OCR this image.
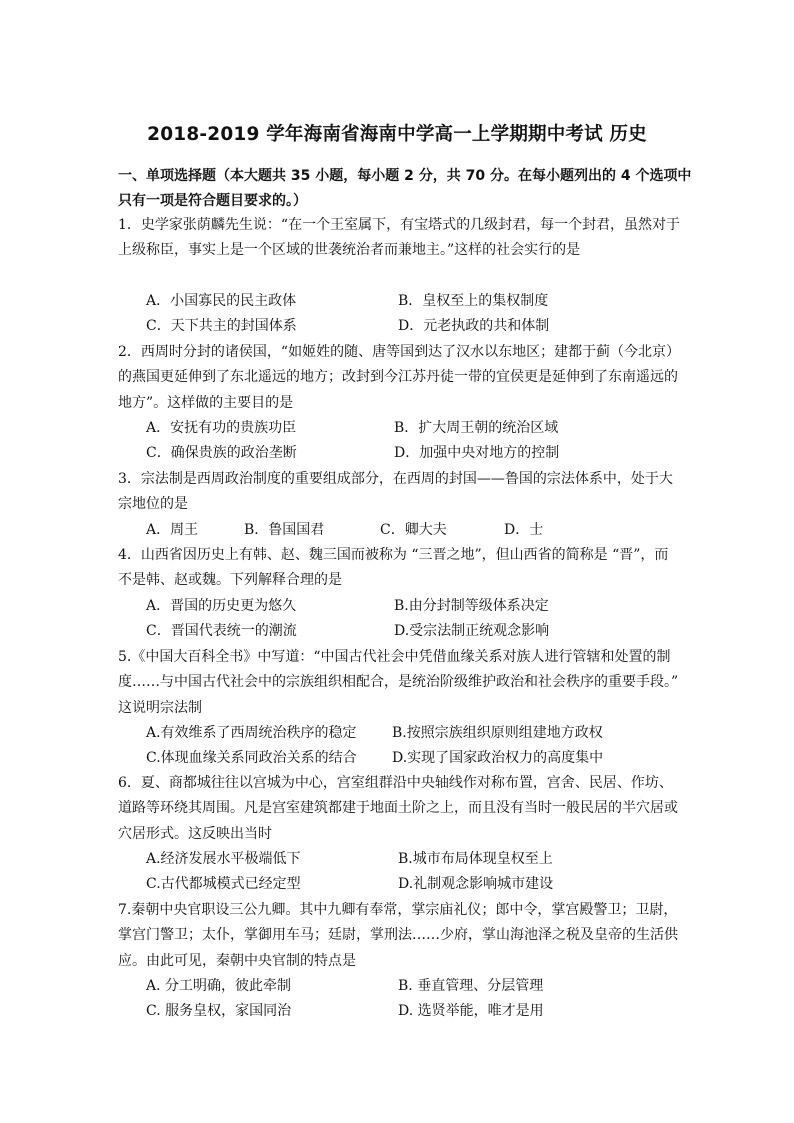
2018-2019 学年海南省海南中学高一上学期期中考试 历史
一、单项选择题（本大题共 35 小题，每小题 2 分，共 70 分。在每小题列出的 4 个选项中
只有一项是符合题目要求的。）
1．史学家张荫麟先生说：“在一个王室属下，有宝塔式的几级封君，每一个封君，虽然对于
上级称臣，事实上是一个区域的世袭统治者而兼地主。”这样的社会实行的是
A．小国寡民的民主政体	B．皇权至上的集权制度
C．天下共主的封国体系	D．元老执政的共和体制
2．西周时分封的诸侯国，“如姬姓的随、唐等国到达了汉水以东地区；建都于蓟（今北京）
的燕国更延伸到了东北遥远的地方；改封到今江苏丹徒一带的宜侯更是延伸到了东南遥远的
地方”。这样做的主要目的是
A．安抚有功的贵族功臣	B．扩大周王朝的统治区域
C．确保贵族的政治垄断	D．加强中央对地方的控制
3．宗法制是西周政治制度的重要组成部分，在西周的封国——鲁国的宗法体系中，处于大
宗地位的是
A．周王	B．鲁国国君	C．卿大夫	D．士
4．山西省因历史上有韩、赵、魏三国而被称为 “三晋之地”，但山西省的简称是 “晋”，而
不是韩、赵或魏。下列解释合理的是
A．晋国的历史更为悠久	B.由分封制等级体系决定
C．晋国代表统一的潮流	D.受宗法制正统观念影响
5.《中国大百科全书》中写道：“中国古代社会中凭借血缘关系对族人进行管辖和处置的制
度……与中国古代社会中的宗族组织相配合，是统治阶级维护政治和社会秩序的重要手段。”
这说明宗法制
A.有效维系了西周统治秩序的稳定	B.按照宗族组织原则组建地方政权
C.体现血缘关系同政治关系的结合	D.实现了国家政治权力的高度集中
6．夏、商都城往往以宫城为中心，宫室组群沿中央轴线作对称布置，宫舍、民居、作坊、
道路等环绕其周围。凡是宫室建筑都建于地面土阶之上，而且没有当时一般民居的半穴居或
穴居形式。这反映出当时
A.经济发展水平极端低下	B.城市布局体现皇权至上
C.古代都城模式已经定型	D.礼制观念影响城市建设
7.秦朝中央官职设三公九卿。其中九卿有奉常，掌宗庙礼仪；郎中令，掌宫殿警卫；卫尉，
掌宫门警卫；太仆，掌御用车马；廷尉，掌刑法……少府，掌山海池泽之税及皇帝的生活供
应。由此可见，秦朝中央官制的特点是
A. 分工明确，彼此牵制	B. 垂直管理、分层管理
C. 服务皇权，家国同治	D. 选贤举能，唯才是用
